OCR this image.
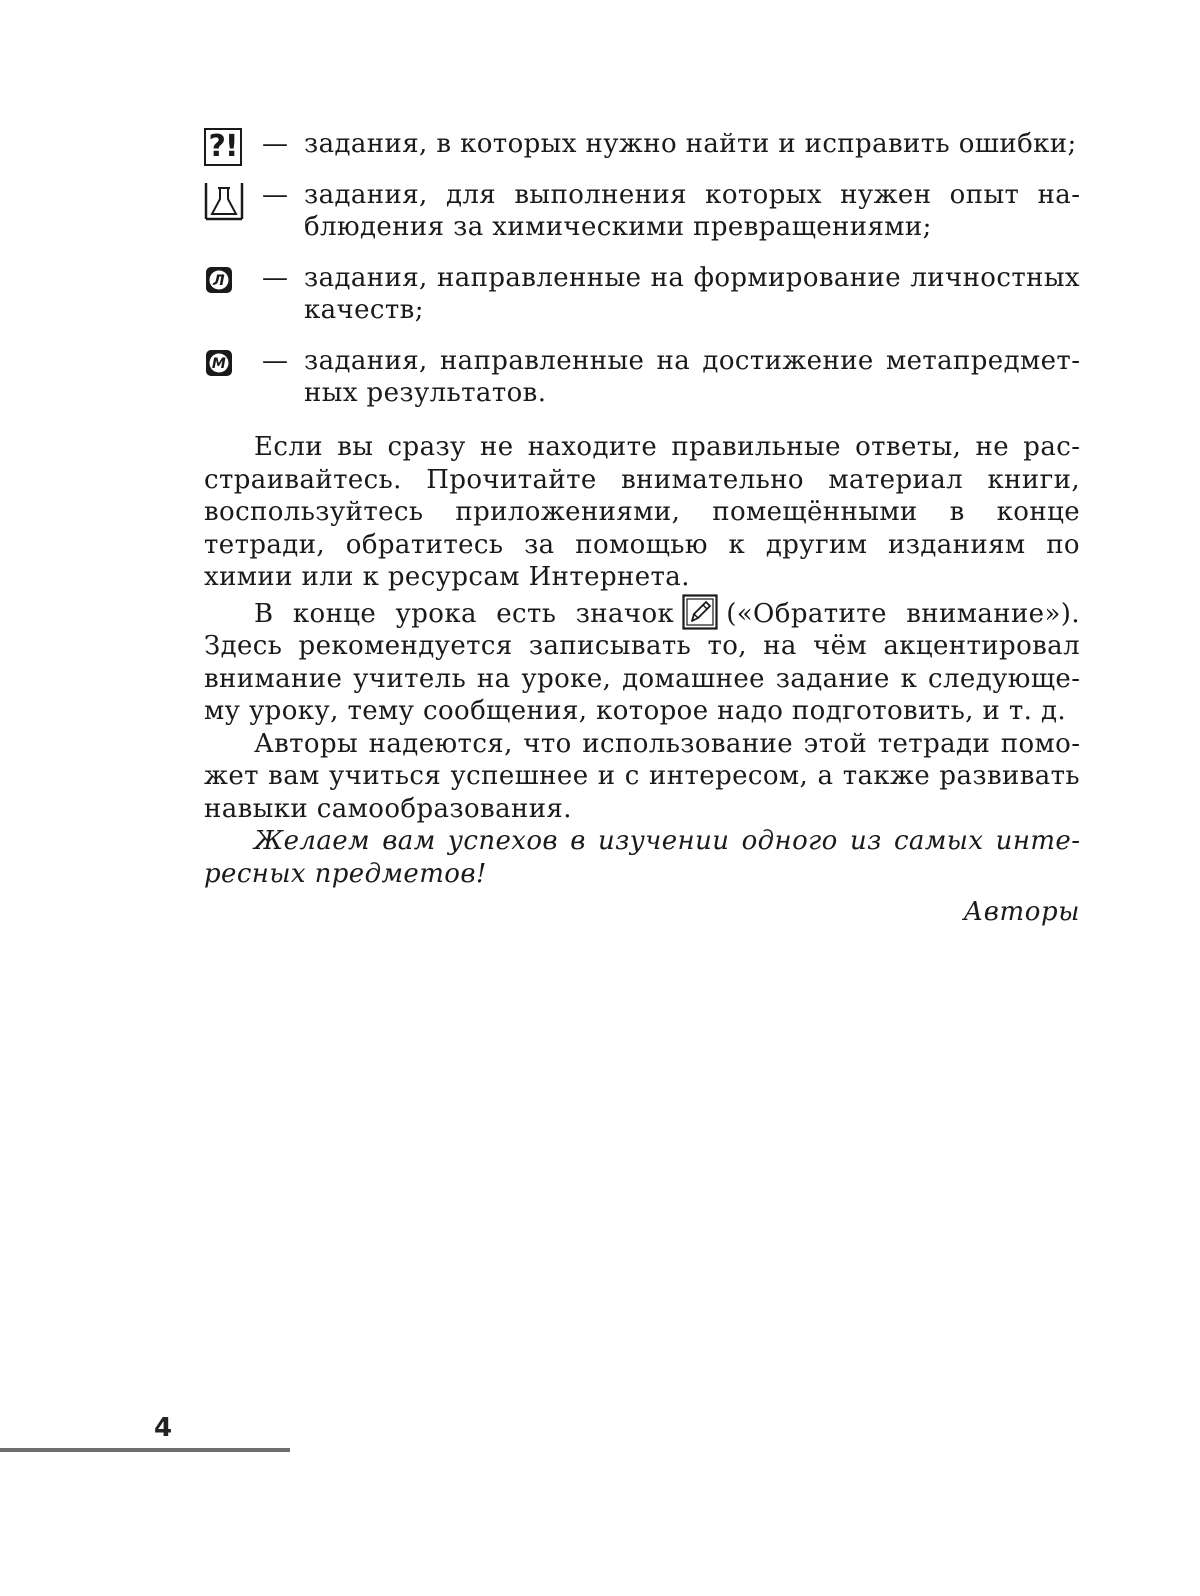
?! — задания, в которых нужно найти и исправить ошибки;
— задания, для выполнения которых нужен опыт наблюдения за химическими превращениями;
Л — задания, направленные на формирование личностных качеств;
М — задания, направленные на достижение метапредметных результатов.

Если вы сразу не находите правильные ответы, не расстраивайтесь. Прочитайте внимательно материал книги, воспользуйтесь приложениями, помещёнными в конце тетради, обратитесь за помощью к другим изданиям по химии или к ресурсам Интернета.

В конце урока есть значок («Обратите внимание»). Здесь рекомендуется записывать то, на чём акцентировал внимание учитель на уроке, домашнее задание к следующему уроку, тему сообщения, которое надо подготовить, и т. д.

Авторы надеются, что использование этой тетради поможет вам учиться успешнее и с интересом, а также развивать навыки самообразования.

Желаем вам успехов в изучении одного из самых интересных предметов!

Авторы
4
